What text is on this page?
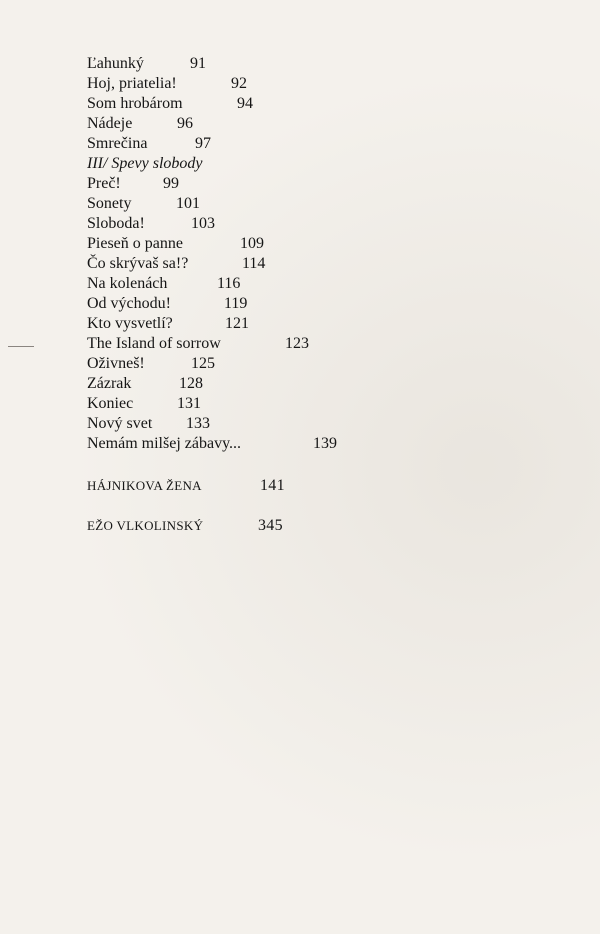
Ľahunký	91
Hoj, priatelia!	92
Som hrobárom	94
Nádeje	96
Smrečina	97
III/ Spevy slobody
Preč!	99
Sonety	101
Sloboda!	103
Pieseň o panne	109
Čo skrývaš sa!?	114
Na kolenách	116
Od východu!	119
Kto vysvetlí?	121
The Island of sorrow	123
Oživneš!	125
Zázrak	128
Koniec	131
Nový svet 133
Nemám milšej zábavy...	139
HÁJNIKOVA ŽENA	141
EŽO VLKOLINSKÝ	345
